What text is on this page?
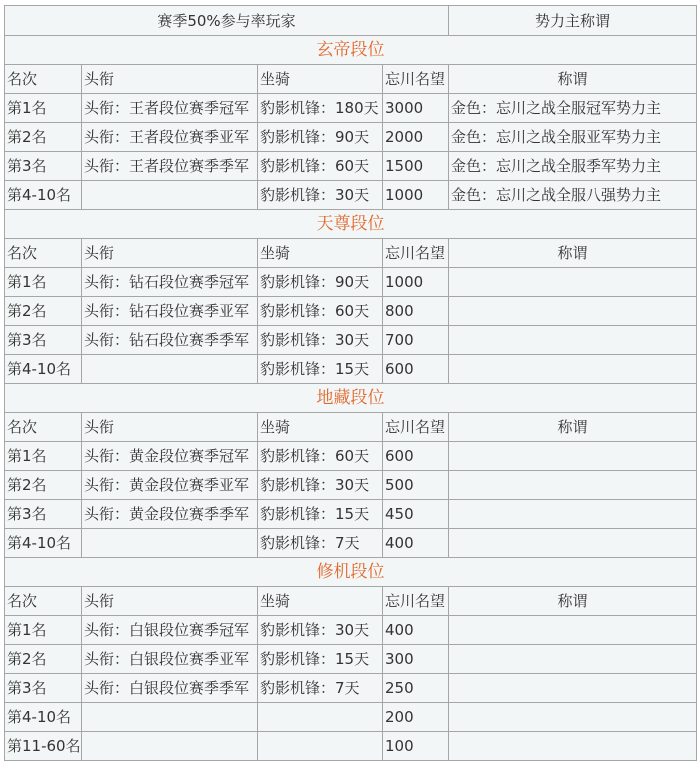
赛季50%参与率玩家				势力主称谓
玄帝段位				
名次	头衔	坐骑	忘川名望	称谓
第1名	头衔：王者段位赛季冠军	豹影机锋：180天	3000	金色：忘川之战全服冠军势力主
第2名	头衔：王者段位赛季亚军	豹影机锋：90天	2000	金色：忘川之战全服亚军势力主
第3名	头衔：王者段位赛季季军	豹影机锋：60天	1500	金色：忘川之战全服季军势力主
第4-10名		豹影机锋：30天	1000	金色：忘川之战全服八强势力主
天尊段位				
名次	头衔	坐骑	忘川名望	称谓
第1名	头衔：钻石段位赛季冠军	豹影机锋：90天	1000	
第2名	头衔：钻石段位赛季亚军	豹影机锋：60天	800	
第3名	头衔：钻石段位赛季季军	豹影机锋：30天	700	
第4-10名		豹影机锋：15天	600	
地藏段位				
名次	头衔	坐骑	忘川名望	称谓
第1名	头衔：黄金段位赛季冠军	豹影机锋：60天	600	
第2名	头衔：黄金段位赛季亚军	豹影机锋：30天	500	
第3名	头衔：黄金段位赛季季军	豹影机锋：15天	450	
第4-10名		豹影机锋：7天	400	
修机段位				
名次	头衔	坐骑	忘川名望	称谓
第1名	头衔：白银段位赛季冠军	豹影机锋：30天	400	
第2名	头衔：白银段位赛季亚军	豹影机锋：15天	300	
第3名	头衔：白银段位赛季季军	豹影机锋：7天	250	
第4-10名			200	
第11-60名			100	
